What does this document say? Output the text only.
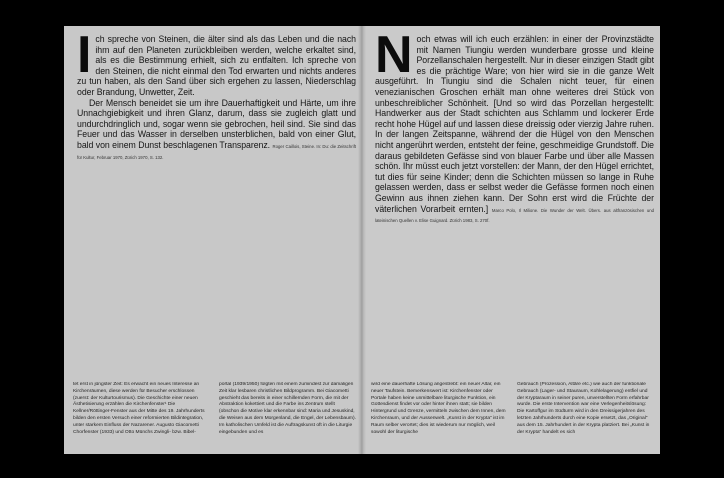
I ch spreche von Steinen, die älter sind als das Leben und die nach ihm auf den Planeten zurückbleiben werden, welche erkaltet sind, als es die Bestimmung erhielt, sich zu entfalten. Ich spreche von den Steinen, die nicht einmal den Tod erwarten und nichts anderes zu tun haben, als den Sand über sich ergehen zu lassen, Niederschlag oder Brandung, Unwetter, Zeit.

Der Mensch beneidet sie um ihre Dauerhaftigkeit und Härte, um ihre Unnachgiebigkeit und ihren Glanz, darum, dass sie zugleich glatt und undurchdringlich und, sogar wenn sie gebrochen, heil sind. Sie sind das Feuer und das Wasser in derselben unsterblichen, bald von einer Glut, bald von einem Dunst beschlagenen Transparenz. Roger Caillois, Steine. In: Du: die Zeitschrift für Kultur, Februar 1970, Zürich 1970, S. 132.

tet erst in jüngster Zeit: Es erwacht ein neues Interesse an Kirchenräumen, diese werden für Besucher erschlossen (zuerst: der Kulturtourismus). Die Geschichte einer neuen Ästhetisierung erzählen die Kirchenfenster¹ Die Kellner/Röttinger-Fenster aus der Mitte des 19. Jahrhunderts bilden den ersten Versuch einer reformierten Bildintegration, unter starkem Einfluss der Nazarener. Augusto Giacometti Chorfenster (1933) und Otto Münchs Zwingli- bzw. Bibel-
portal (1939/1950) folgten mit einem zumindest zur damaligen Zeit klar lesbaren christlichen Bildprogramm. Bei Giacometti geschieht das bereits in einer schillernden Form, die mit der Abstraktion kokettiert und die Farbe ins Zentrum stellt (obschon die Motive klar erkennbar sind: Maria und Jesuskind, die Weisen aus dem Morgenland, die Engel, der Lebensbaum). Im katholischen Umfeld ist die Auftragskunst oft in die Liturgie eingebunden und es
N och etwas will ich euch erzählen: in einer der Provinzstädte mit Namen Tiungiu werden wunderbare grosse und kleine Porzellanschalen hergestellt. Nur in dieser einzigen Stadt gibt es die prächtige Ware; von hier wird sie in die ganze Welt ausgeführt. In Tiungiu sind die Schalen nicht teuer, für einen venezianischen Groschen erhält man ohne weiteres drei Stück von unbeschreiblicher Schönheit. [Und so wird das Porzellan hergestellt: Handwerker aus der Stadt schichten aus Schlamm und lockerer Erde recht hohe Hügel auf und lassen diese dreissig oder vierzig Jahre ruhen. In der langen Zeitspanne, während der die Hügel von den Menschen nicht angerührt werden, entsteht der feine, geschmeidige Grundstoff. Die daraus gebildeten Gefässe sind von blauer Farbe und über alle Massen schön. Ihr müsst euch jetzt vorstellen: der Mann, der den Hügel errichtet, tut dies für seine Kinder; denn die Schichten müssen so lange in Ruhe gelassen werden, dass er selbst weder die Gefässe formen noch einen Gewinn aus ihnen ziehen kann. Der Sohn erst wird die Früchte der väterlichen Vorarbeit ernten.] Marco Polo, Il Milione. Die Wunder der Welt. Übers. aus altfranzösischen und lateinischen Quellen v. Elise Guignard. Zürich 1983, S. 270f.

wird eine dauerhafte Lösung angestrebt: ein neuer Altar, ein neuer Taufstein. Bemerkenswert ist: Kirchenfenster oder Portale haben keine unmittelbare liturgische Funktion, ein Gottesdienst findet vor oder hinter ihnen statt; sie bilden Hintergrund und Grenze, vermitteln zwischen dem Innen, dem Kirchenraum, und der Aussenwelt. „Kunst in der Krypta“ ist im Raum selber verortet; dies ist wiederum nur möglich, weil sowohl der liturgische
Gebrauch (Prozession, Altäre etc.) wie auch der funktionale Gebrauch (Lager- und Stauraum, Kohlelagerung) entfiel und der Kryptaraum in seiner puren, unverstellten Form erfahrbar wurde. Die erste Intervention war eine Verlegenheitslösung: Die Kartoffgur im Südturm wird in den Dreissigerjahren des letzten Jahrhunderts durch eine Kopie ersetzt, das „Original“ aus dem 15. Jahrhundert in der Krypta platziert. Bei „Kunst in der Krypta“ handelt es sich
